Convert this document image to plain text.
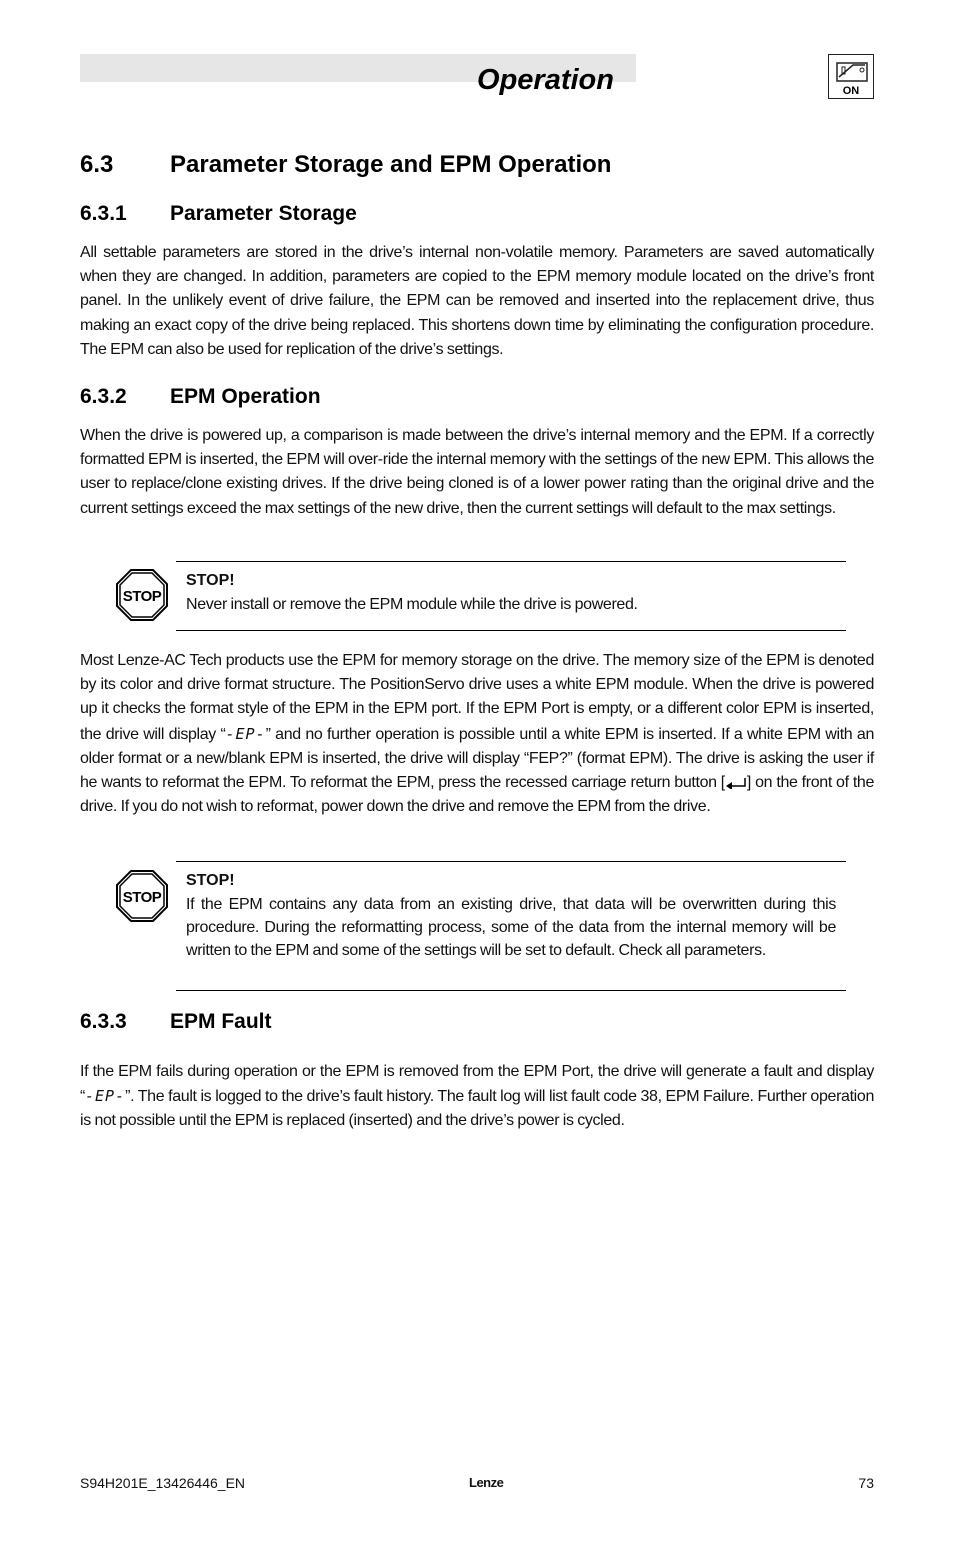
Operation	ON
6.3 Parameter Storage and EPM Operation
6.3.1 Parameter Storage

All settable parameters are stored in the drive’s internal non-volatile memory. Parameters are saved automatically when they are changed. In addition, parameters are copied to the EPM memory module located on the drive’s front panel. In the unlikely event of drive failure, the EPM can be removed and inserted into the replacement drive, thus making an exact copy of the drive being replaced. This shortens down time by eliminating the configuration procedure. The EPM can also be used for replication of the drive’s settings.

6.3.2 EPM Operation

When the drive is powered up, a comparison is made between the drive’s internal memory and the EPM. If a correctly formatted EPM is inserted, the EPM will over-ride the internal memory with the settings of the new EPM. This allows the user to replace/clone existing drives. If the drive being cloned is of a lower power rating than the original drive and the current settings exceed the max settings of the new drive, then the current settings will default to the max settings.

STOP

STOP!

Never install or remove the EPM module while the drive is powered.

Most Lenze-AC Tech products use the EPM for memory storage on the drive. The memory size of the EPM is denoted by its color and drive format structure. The PositionServo drive uses a white EPM module. When the drive is powered up it checks the format style of the EPM in the EPM port. If the EPM Port is empty, or a different color EPM is inserted, the drive will display “-EP-” and no further operation is possible until a white EPM is inserted. If a white EPM with an older format or a new/blank EPM is inserted, the drive will display “FEP?” (format EPM). The drive is asking the user if he wants to reformat the EPM. To reformat the EPM, press the recessed carriage return button [ ] on the front of the drive. If you do not wish to reformat, power down the drive and remove the EPM from the drive.

STOP

STOP!

If the EPM contains any data from an existing drive, that data will be overwritten during this procedure. During the reformatting process, some of the data from the internal memory will be written to the EPM and some of the settings will be set to default. Check all parameters.

6.3.3 EPM Fault

If the EPM fails during operation or the EPM is removed from the EPM Port, the drive will generate a fault and display “-EP-”. The fault is logged to the drive’s fault history. The fault log will list fault code 38, EPM Failure. Further operation is not possible until the EPM is replaced (inserted) and the drive’s power is cycled.

S94H201E_13426446_EN	Lenze	73
